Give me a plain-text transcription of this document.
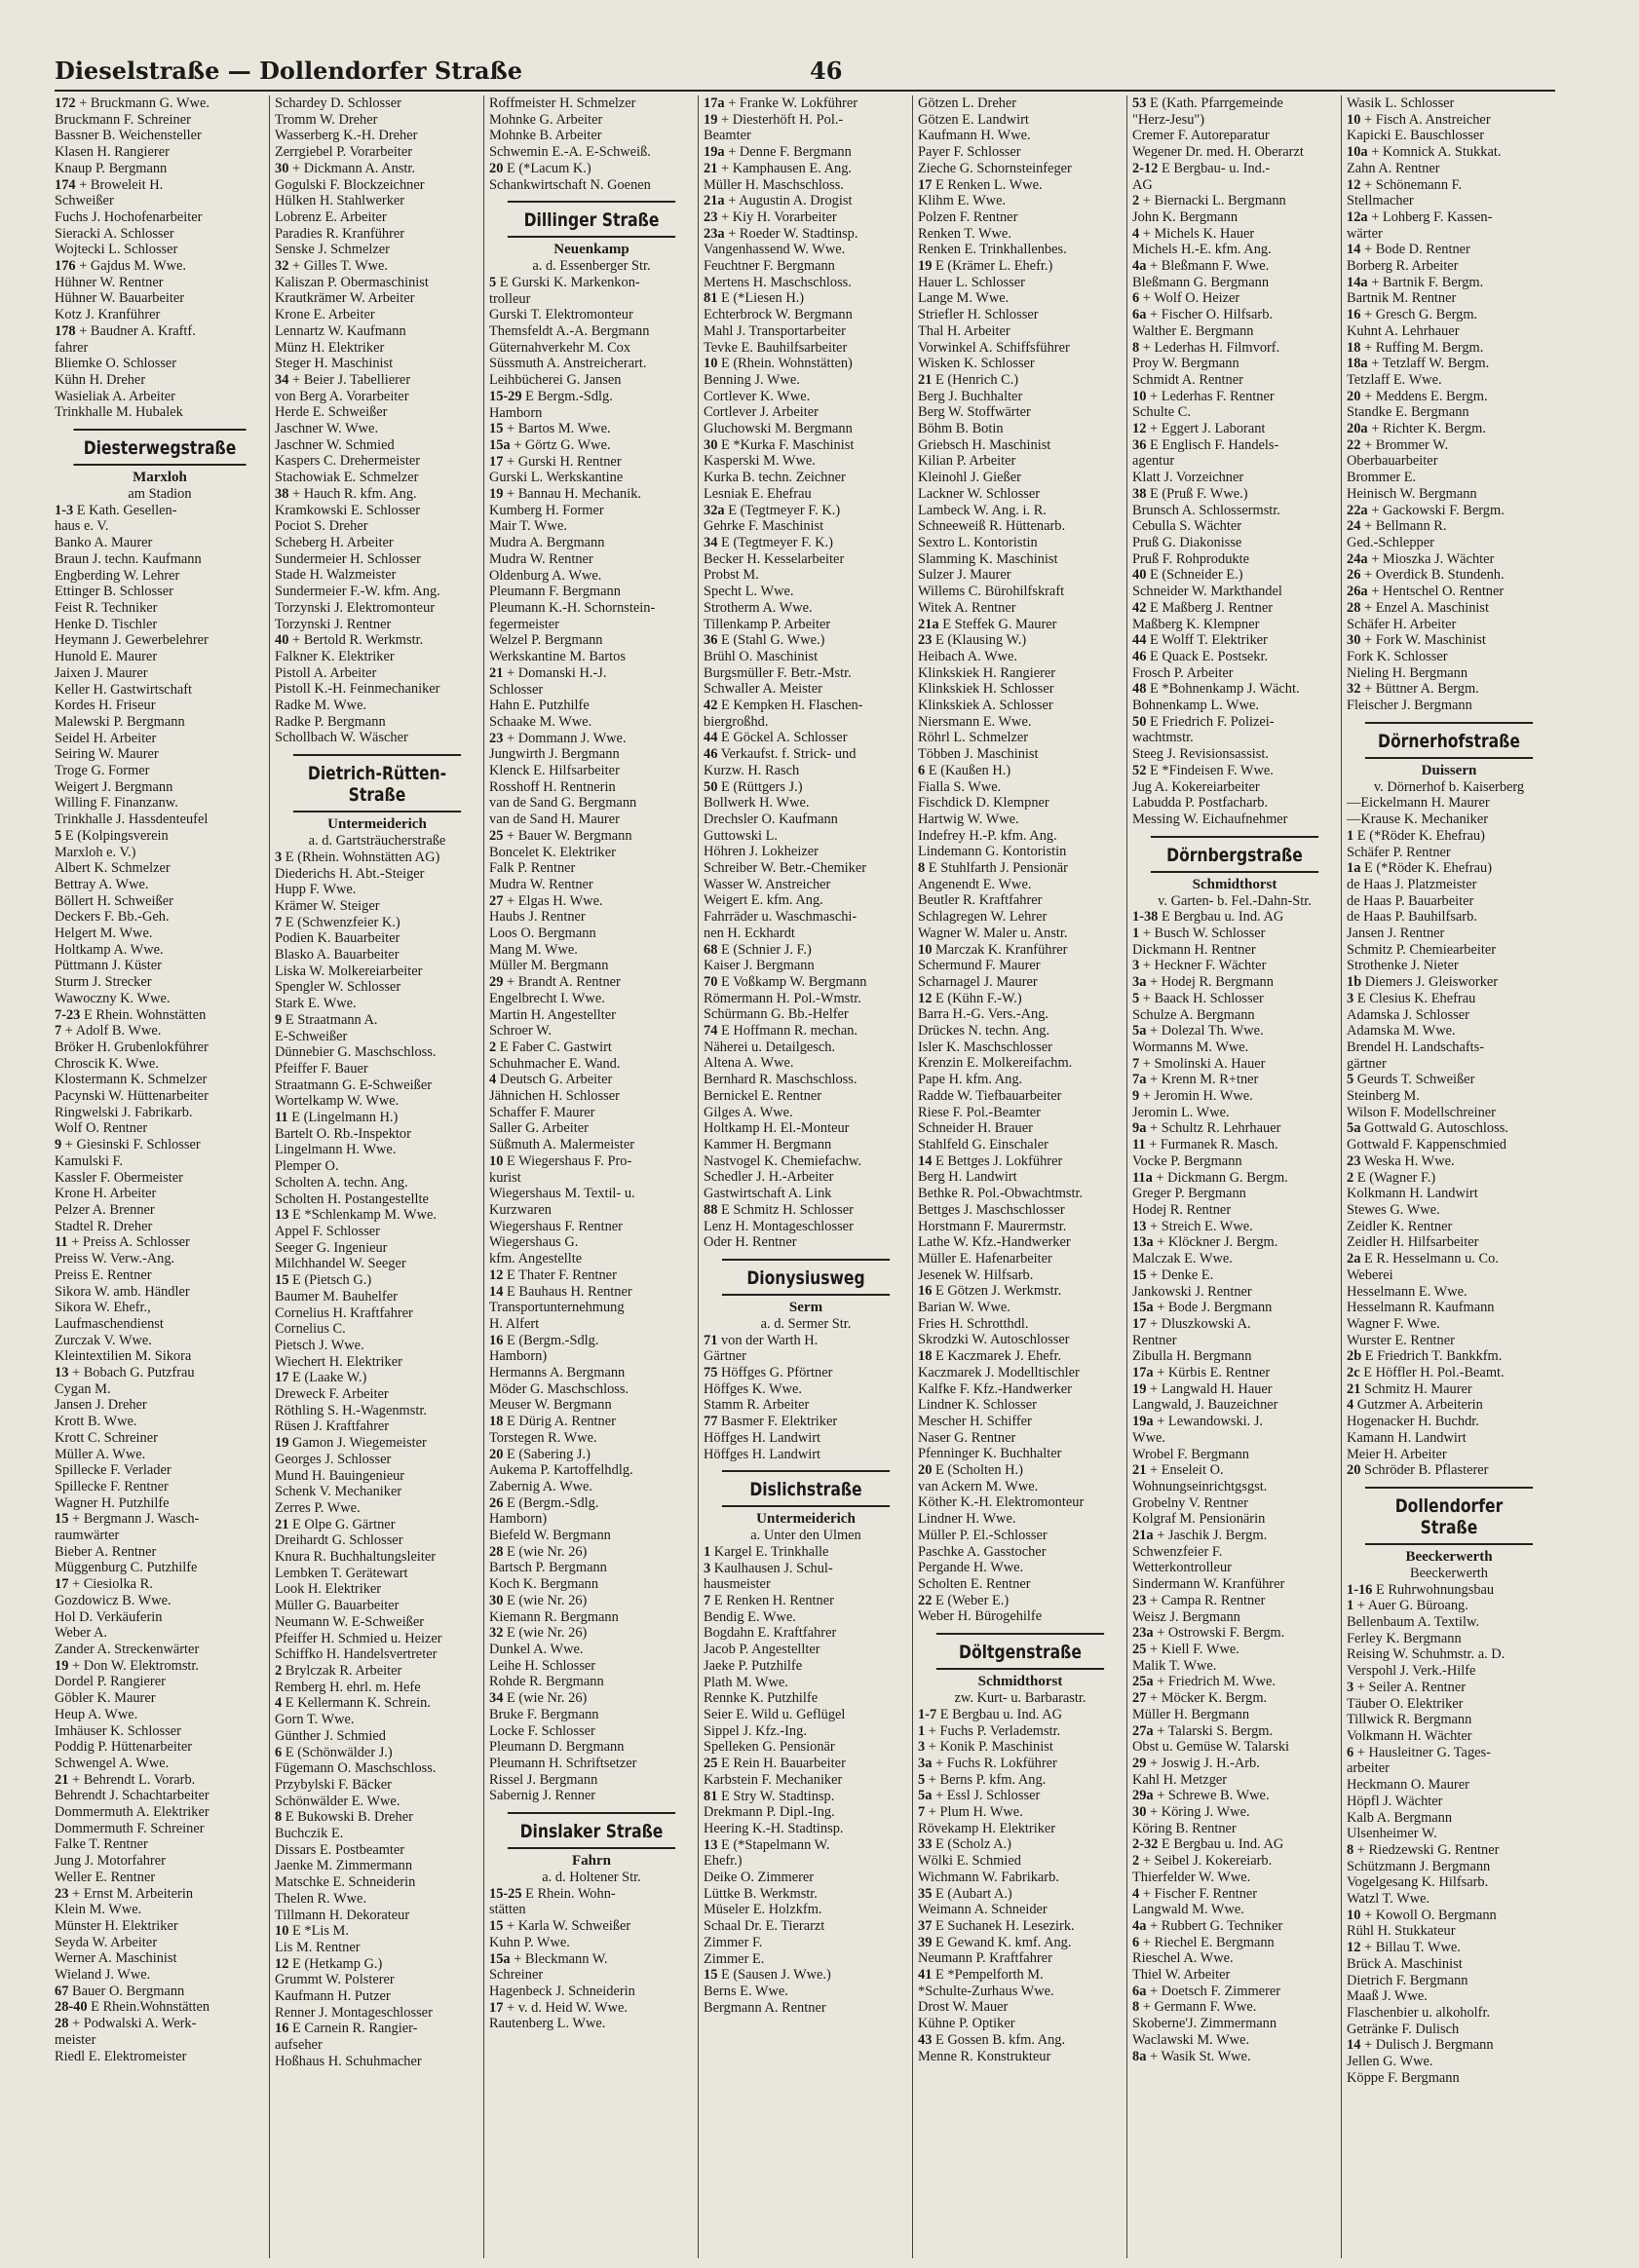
Dieselstraße — Dollendorfer Straße	46
172 + Bruckmann G. Wwe.
Bruckmann F. Schreiner
Bassner B. Weichensteller
Klasen H. Rangierer
Knaup P. Bergmann
174 + Broweleit H.
Schweißer
Fuchs J. Hochofenarbeiter
Sieracki A. Schlosser
Wojtecki L. Schlosser
176 + Gajdus M. Wwe.
Hühner W. Rentner
Hühner W. Bauarbeiter
Kotz J. Kranführer
178 + Baudner A. Kraftf.
fahrer
Bliemke O. Schlosser
Kühn H. Dreher
Wasieliak A. Arbeiter
Trinkhalle M. Hubalek
Diesterwegstraße
Marxloh
am Stadion
1-3 E Kath. Gesellen-
haus e. V.
Banko A. Maurer
Braun J. techn. Kaufmann
Engberding W. Lehrer
Ettinger B. Schlosser
Feist R. Techniker
Henke D. Tischler
Heymann J. Gewerbelehrer
Hunold E. Maurer
Jaixen J. Maurer
Keller H. Gastwirtschaft
Kordes H. Friseur
Malewski P. Bergmann
Seidel H. Arbeiter
Seiring W. Maurer
Troge G. Former
Weigert J. Bergmann
Willing F. Finanzanw.
Trinkhalle J. Hassdenteufel
5 E (Kolpingsverein
Marxloh e. V.)
Albert K. Schmelzer
Bettray A. Wwe.
Böllert H. Schweißer
Deckers F. Bb.-Geh.
Helgert M. Wwe.
Holtkamp A. Wwe.
Püttmann J. Küster
Sturm J. Strecker
Wawoczny K. Wwe.
7-23 E Rhein. Wohnstätten
7 + Adolf B. Wwe.
Bröker H. Grubenlokführer
Chroscik K. Wwe.
Klostermann K. Schmelzer
Pacynski W. Hüttenarbeiter
Ringwelski J. Fabrikarb.
Wolf O. Rentner
9 + Giesinski F. Schlosser
Kamulski F.
Kassler F. Obermeister
Krone H. Arbeiter
Pelzer A. Brenner
Stadtel R. Dreher
11 + Preiss A. Schlosser
Preiss W. Verw.-Ang.
Preiss E. Rentner
Sikora W. amb. Händler
Sikora W. Ehefr.,
Laufmaschendienst
Zurczak V. Wwe.
Kleintextilien M. Sikora
13 + Bobach G. Putzfrau
Cygan M.
Jansen J. Dreher
Krott B. Wwe.
Krott C. Schreiner
Müller A. Wwe.
Spillecke F. Verlader
Spillecke F. Rentner
Wagner H. Putzhilfe
15 + Bergmann J. Wasch-
raumwärter
Bieber A. Rentner
Müggenburg C. Putzhilfe
17 + Ciesiolka R.
Gozdowicz B. Wwe.
Hol D. Verkäuferin
Weber A.
Zander A. Streckenwärter
19 + Don W. Elektromstr.
Dordel P. Rangierer
Göbler K. Maurer
Heup A. Wwe.
Imhäuser K. Schlosser
Poddig P. Hüttenarbeiter
Schwengel A. Wwe.
21 + Behrendt L. Vorarb.
Behrendt J. Schachtarbeiter
Dommermuth A. Elektriker
Dommermuth F. Schreiner
Falke T. Rentner
Jung J. Motorfahrer
Weller E. Rentner
23 + Ernst M. Arbeiterin
Klein M. Wwe.
Münster H. Elektriker
Seyda W. Arbeiter
Werner A. Maschinist
Wieland J. Wwe.
67 Bauer O. Bergmann
28-40 E Rhein.Wohnstätten
28 + Podwalski A. Werk-
meister
Riedl E. Elektromeister
Schardey D. Schlosser
Tromm W. Dreher
Wasserberg K.-H. Dreher
Zerrgiebel P. Vorarbeiter
30 + Dickmann A. Anstr.
Gogulski F. Blockzeichner
Hülken H. Stahlwerker
Lobrenz E. Arbeiter
Paradies R. Kranführer
Senske J. Schmelzer
32 + Gilles T. Wwe.
Kaliszan P. Obermaschinist
Krautkrämer W. Arbeiter
Krone E. Arbeiter
Lennartz W. Kaufmann
Münz H. Elektriker
Steger H. Maschinist
34 + Beier J. Tabellierer
von Berg A. Vorarbeiter
Herde E. Schweißer
Jaschner W. Wwe.
Jaschner W. Schmied
Kaspers C. Drehermeister
Stachowiak E. Schmelzer
38 + Hauch R. kfm. Ang.
Kramkowski E. Schlosser
Pociot S. Dreher
Scheberg H. Arbeiter
Sundermeier H. Schlosser
Stade H. Walzmeister
Sundermeier F.-W. kfm. Ang.
Torzynski J. Elektromonteur
Torzynski J. Rentner
40 + Bertold R. Werkmstr.
Falkner K. Elektriker
Pistoll A. Arbeiter
Pistoll K.-H. Feinmechaniker
Radke M. Wwe.
Radke P. Bergmann
Schollbach W. Wäscher
Dietrich-Rütten-Straße
Untermeiderich
a. d. Gartsträucherstraße
3 E (Rhein. Wohnstätten AG)
Diederichs H. Abt.-Steiger
Hupp F. Wwe.
Krämer W. Steiger
7 E (Schwenzfeier K.)
Podien K. Bauarbeiter
Blasko A. Bauarbeiter
Liska W. Molkereiarbeiter
Spengler W. Schlosser
Stark E. Wwe.
9 E Straatmann A.
E-Schweißer
Dünnebier G. Maschschloss.
Pfeiffer F. Bauer
Straatmann G. E-Schweißer
Wortelkamp W. Wwe.
11 E (Lingelmann H.)
Bartelt O. Rb.-Inspektor
Lingelmann H. Wwe.
Plemper O.
Scholten A. techn. Ang.
Scholten H. Postangestellte
13 E *Schlenkamp M. Wwe.
Appel F. Schlosser
Seeger G. Ingenieur
Milchhandel W. Seeger
15 E (Pietsch G.)
Baumer M. Bauhelfer
Cornelius H. Kraftfahrer
Cornelius C.
Pietsch J. Wwe.
Wiechert H. Elektriker
17 E (Laake W.)
Dreweck F. Arbeiter
Röthling S. H.-Wagenmstr.
Rüsen J. Kraftfahrer
19 Gamon J. Wiegemeister
Georges J. Schlosser
Mund H. Bauingenieur
Schenk V. Mechaniker
Zerres P. Wwe.
21 E Olpe G. Gärtner
Dreihardt G. Schlosser
Knura R. Buchhaltungsleiter
Lembken T. Gerätewart
Look H. Elektriker
Müller G. Bauarbeiter
Neumann W. E-Schweißer
Pfeiffer H. Schmied u. Heizer
Schiffko H. Handelsvertreter
2 Brylczak R. Arbeiter
Remberg H. ehrl. m. Hefe
4 E Kellermann K. Schrein.
Gorn T. Wwe.
Günther J. Schmied
6 E (Schönwälder J.)
Fügemann O. Maschschloss.
Przybylski F. Bäcker
Schönwälder E. Wwe.
8 E Bukowski B. Dreher
Buchczik E.
Dissars E. Postbeamter
Jaenke M. Zimmermann
Matschke E. Schneiderin
Thelen R. Wwe.
Tillmann H. Dekorateur
10 E *Lis M.
Lis M. Rentner
12 E (Hetkamp G.)
Grummt W. Polsterer
Kaufmann H. Putzer
Renner J. Montageschlosser
16 E Carnein R. Rangier-
aufseher
Hoßhaus H. Schuhmacher
Roffmeister H. Schmelzer
Mohnke G. Arbeiter
Mohnke B. Arbeiter
Schwemin E.-A. E-Schweiß.
20 E (*Lacum K.)
Schankwirtschaft N. Goenen
Dillinger Straße
Neuenkamp
a. d. Essenberger Str.
5 E Gurski K. Markenkon-
trolleur
Gurski T. Elektromonteur
Themsfeldt A.-A. Bergmann
Güternahverkehr M. Cox
Süssmuth A. Anstreicherart.
Leihbücherei G. Jansen
15-29 E Bergm.-Sdlg.
Hamborn
15 + Bartos M. Wwe.
15a + Görtz G. Wwe.
17 + Gurski H. Rentner
Gurski L. Werkskantine
19 + Bannau H. Mechanik.
Kumberg H. Former
Mair T. Wwe.
Mudra A. Bergmann
Mudra W. Rentner
Oldenburg A. Wwe.
Pleumann F. Bergmann
Pleumann K.-H. Schornstein-
fegermeister
Welzel P. Bergmann
Werkskantine M. Bartos
21 + Domanski H.-J.
Schlosser
Hahn E. Putzhilfe
Schaake M. Wwe.
23 + Dommann J. Wwe.
Jungwirth J. Bergmann
Klenck E. Hilfsarbeiter
Rosshoff H. Rentnerin
van de Sand G. Bergmann
van de Sand H. Maurer
25 + Bauer W. Bergmann
Boncelet K. Elektriker
Falk P. Rentner
Mudra W. Rentner
27 + Elgas H. Wwe.
Haubs J. Rentner
Loos O. Bergmann
Mang M. Wwe.
Müller M. Bergmann
29 + Brandt A. Rentner
Engelbrecht I. Wwe.
Martin H. Angestellter
Schroer W.
2 E Faber C. Gastwirt
Schuhmacher E. Wand.
4 Deutsch G. Arbeiter
Jähnichen H. Schlosser
Schaffer F. Maurer
Saller G. Arbeiter
Süßmuth A. Malermeister
10 E Wiegershaus F. Pro-
kurist
Wiegershaus M. Textil- u.
Kurzwaren
Wiegershaus F. Rentner
Wiegershaus G.
kfm. Angestellte
12 E Thater F. Rentner
14 E Bauhaus H. Rentner
Transportunternehmung
H. Alfert
16 E (Bergm.-Sdlg.
Hamborn)
Hermanns A. Bergmann
Möder G. Maschschloss.
Meuser W. Bergmann
18 E Dürig A. Rentner
Torstegen R. Wwe.
20 E (Sabering J.)
Aukema P. Kartoffelhdlg.
Zabernig A. Wwe.
26 E (Bergm.-Sdlg.
Hamborn)
Biefeld W. Bergmann
28 E (wie Nr. 26)
Bartsch P. Bergmann
Koch K. Bergmann
30 E (wie Nr. 26)
Kiemann R. Bergmann
32 E (wie Nr. 26)
Dunkel A. Wwe.
Leihe H. Schlosser
Rohde R. Bergmann
34 E (wie Nr. 26)
Bruke F. Bergmann
Locke F. Schlosser
Pleumann D. Bergmann
Pleumann H. Schriftsetzer
Rissel J. Bergmann
Sabernig J. Renner
Dinslaker Straße
Fahrn
a. d. Holtener Str.
15-25 E Rhein. Wohn-
stätten
15 + Karla W. Schweißer
Kuhn P. Wwe.
15a + Bleckmann W.
Schreiner
Hagenbeck J. Schneiderin
17 + v. d. Heid W. Wwe.
Rautenberg L. Wwe.
17a + Franke W. Lokführer
19 + Diesterhöft H. Pol.-
Beamter
19a + Denne F. Bergmann
21 + Kamphausen E. Ang.
Müller H. Maschschloss.
21a + Augustin A. Drogist
23 + Kiy H. Vorarbeiter
23a + Roeder W. Stadtinsp.
Vangenhassend W. Wwe.
Feuchtner F. Bergmann
Mertens H. Maschschloss.
81 E (*Liesen H.)
Echterbrock W. Bergmann
Mahl J. Transportarbeiter
Tevke E. Bauhilfsarbeiter
10 E (Rhein. Wohnstätten)
Benning J. Wwe.
Cortlever K. Wwe.
Cortlever J. Arbeiter
Gluchowski M. Bergmann
30 E *Kurka F. Maschinist
Kasperski M. Wwe.
Kurka B. techn. Zeichner
Lesniak E. Ehefrau
32a E (Tegtmeyer F. K.)
Gehrke F. Maschinist
34 E (Tegtmeyer F. K.)
Becker H. Kesselarbeiter
Probst M.
Specht L. Wwe.
Strotherm A. Wwe.
Tillenkamp P. Arbeiter
36 E (Stahl G. Wwe.)
Brühl O. Maschinist
Burgsmüller F. Betr.-Mstr.
Schwaller A. Meister
42 E Kempken H. Flaschen-
biergroßhd.
44 E Göckel A. Schlosser
46 Verkaufst. f. Strick- und
Kurzw. H. Rasch
50 E (Rüttgers J.)
Bollwerk H. Wwe.
Drechsler O. Kaufmann
Guttowski L.
Höhren J. Lokheizer
Schreiber W. Betr.-Chemiker
Wasser W. Anstreicher
Weigert E. kfm. Ang.
Fahrräder u. Waschmaschi-
nen H. Eckhardt
68 E (Schnier J. F.)
Kaiser J. Bergmann
70 E Voßkamp W. Bergmann
Römermann H. Pol.-Wmstr.
Schürmann G. Bb.-Helfer
74 E Hoffmann R. mechan.
Näherei u. Detailgesch.
Altena A. Wwe.
Bernhard R. Maschschloss.
Bernickel E. Rentner
Gilges A. Wwe.
Holtkamp H. El.-Monteur
Kammer H. Bergmann
Nastvogel K. Chemiefachw.
Schedler J. H.-Arbeiter
Gastwirtschaft A. Link
88 E Schmitz H. Schlosser
Lenz H. Montageschlosser
Oder H. Rentner
Dionysiusweg
Serm
a. d. Sermer Str.
71 von der Warth H.
Gärtner
75 Höffges G. Pförtner
Höffges K. Wwe.
Stamm R. Arbeiter
77 Basmer F. Elektriker
Höffges H. Landwirt
Höffges H. Landwirt
Dislichstraße
Untermeiderich
a. Unter den Ulmen
1 Kargel E. Trinkhalle
3 Kaulhausen J. Schul-
hausmeister
7 E Renken H. Rentner
Bendig E. Wwe.
Bogdahn E. Kraftfahrer
Jacob P. Angestellter
Jaeke P. Putzhilfe
Plath M. Wwe.
Rennke K. Putzhilfe
Seier E. Wild u. Geflügel
Sippel J. Kfz.-Ing.
Spelleken G. Pensionär
25 E Rein H. Bauarbeiter
Karbstein F. Mechaniker
81 E Stry W. Stadtinsp.
Drekmann P. Dipl.-Ing.
Heering K.-H. Stadtinsp.
13 E (*Stapelmann W.
Ehefr.)
Deike O. Zimmerer
Lüttke B. Werkmstr.
Müseler E. Holzkfm.
Schaal Dr. E. Tierarzt
Zimmer F.
Zimmer E.
15 E (Sausen J. Wwe.)
Berns E. Wwe.
Bergmann A. Rentner
Götzen L. Dreher
Götzen E. Landwirt
Kaufmann H. Wwe.
Payer F. Schlosser
Zieche G. Schornsteinfeger
17 E Renken L. Wwe.
Klihm E. Wwe.
Polzen F. Rentner
Renken T. Wwe.
Renken E. Trinkhallenbes.
19 E (Krämer L. Ehefr.)
Hauer L. Schlosser
Lange M. Wwe.
Striefler H. Schlosser
Thal H. Arbeiter
Vorwinkel A. Schiffsführer
Wisken K. Schlosser
21 E (Henrich C.)
Berg J. Buchhalter
Berg W. Stoffwärter
Böhm B. Botin
Griebsch H. Maschinist
Kilian P. Arbeiter
Kleinohl J. Gießer
Lackner W. Schlosser
Lambeck W. Ang. i. R.
Schneeweiß R. Hüttenarb.
Sextro L. Kontoristin
Slamming K. Maschinist
Sulzer J. Maurer
Willems C. Bürohilfskraft
Witek A. Rentner
21a E Steffek G. Maurer
23 E (Klausing W.)
Heibach A. Wwe.
Klinkskiek H. Rangierer
Klinkskiek H. Schlosser
Klinkskiek A. Schlosser
Niersmann E. Wwe.
Röhrl L. Schmelzer
Többen J. Maschinist
6 E (Kaußen H.)
Fialla S. Wwe.
Fischdick D. Klempner
Hartwig W. Wwe.
Indefrey H.-P. kfm. Ang.
Lindemann G. Kontoristin
8 E Stuhlfarth J. Pensionär
Angenendt E. Wwe.
Beutler R. Kraftfahrer
Schlagregen W. Lehrer
Wagner W. Maler u. Anstr.
10 Marczak K. Kranführer
Schermund F. Maurer
Scharnagel J. Maurer
12 E (Kühn F.-W.)
Barra H.-G. Vers.-Ang.
Drückes N. techn. Ang.
Isler K. Maschschlosser
Krenzin E. Molkereifachm.
Pape H. kfm. Ang.
Radde W. Tiefbauarbeiter
Riese F. Pol.-Beamter
Schneider H. Brauer
Stahlfeld G. Einschaler
14 E Bettges J. Lokführer
Berg H. Landwirt
Bethke R. Pol.-Obwachtmstr.
Bettges J. Maschschlosser
Horstmann F. Maurermstr.
Lathe W. Kfz.-Handwerker
Müller E. Hafenarbeiter
Jesenek W. Hilfsarb.
16 E Götzen J. Werkmstr.
Barian W. Wwe.
Fries H. Schrotthdl.
Skrodzki W. Autoschlosser
18 E Kaczmarek J. Ehefr.
Kaczmarek J. Modelltischler
Kalfke F. Kfz.-Handwerker
Lindner K. Schlosser
Mescher H. Schiffer
Naser G. Rentner
Pfenninger K. Buchhalter
20 E (Scholten H.)
van Ackern M. Wwe.
Köther K.-H. Elektromonteur
Lindner H. Wwe.
Müller P. El.-Schlosser
Paschke A. Gasstocher
Pergande H. Wwe.
Scholten E. Rentner
22 E (Weber E.)
Weber H. Bürogehilfe
Döltgenstraße
Schmidthorst
zw. Kurt- u. Barbarastr.
1-7 E Bergbau u. Ind. AG
1 + Fuchs P. Verlademstr.
3 + Konik P. Maschinist
3a + Fuchs R. Lokführer
5 + Berns P. kfm. Ang.
5a + Essl J. Schlosser
7 + Plum H. Wwe.
Rövekamp H. Elektriker
33 E (Scholz A.)
Wölki E. Schmied
Wichmann W. Fabrikarb.
35 E (Aubart A.)
Weimann A. Schneider
37 E Suchanek H. Lesezirk.
39 E Gewand K. kmf. Ang.
Neumann P. Kraftfahrer
41 E *Pempelforth M.
*Schulte-Zurhaus Wwe.
Drost W. Mauer
Kühne P. Optiker
43 E Gossen B. kfm. Ang.
Menne R. Konstrukteur
53 E (Kath. Pfarrgemeinde
"Herz-Jesu")
Cremer F. Autoreparatur
Wegener Dr. med. H. Oberarzt
2-12 E Bergbau- u. Ind.-
AG
2 + Biernacki L. Bergmann
John K. Bergmann
4 + Michels K. Hauer
Michels H.-E. kfm. Ang.
4a + Bleßmann F. Wwe.
Bleßmann G. Bergmann
6 + Wolf O. Heizer
6a + Fischer O. Hilfsarb.
Walther E. Bergmann
8 + Lederhas H. Filmvorf.
Proy W. Bergmann
Schmidt A. Rentner
10 + Lederhas F. Rentner
Schulte C.
12 + Eggert J. Laborant
36 E Englisch F. Handels-
agentur
Klatt J. Vorzeichner
38 E (Pruß F. Wwe.)
Brunsch A. Schlossermstr.
Cebulla S. Wächter
Pruß G. Diakonisse
Pruß F. Rohprodukte
40 E (Schneider E.)
Schneider W. Markthandel
42 E Maßberg J. Rentner
Maßberg K. Klempner
44 E Wolff T. Elektriker
46 E Quack E. Postsekr.
Frosch P. Arbeiter
48 E *Bohnenkamp J. Wächt.
Bohnenkamp L. Wwe.
50 E Friedrich F. Polizei-
wachtmstr.
Steeg J. Revisionsassist.
52 E *Findeisen F. Wwe.
Jug A. Kokereiarbeiter
Labudda P. Postfacharb.
Messing W. Eichaufnehmer
Dörnbergstraße
Schmidthorst
v. Garten- b. Fel.-Dahn-Str.
1-38 E Bergbau u. Ind. AG
1 + Busch W. Schlosser
Dickmann H. Rentner
3 + Heckner F. Wächter
3a + Hodej R. Bergmann
5 + Baack H. Schlosser
Schulze A. Bergmann
5a + Dolezal Th. Wwe.
Wormanns M. Wwe.
7 + Smolinski A. Hauer
7a + Krenn M. R+tner
9 + Jeromin H. Wwe.
Jeromin L. Wwe.
9a + Schultz R. Lehrhauer
11 + Furmanek R. Masch.
Vocke P. Bergmann
11a + Dickmann G. Bergm.
Greger P. Bergmann
Hodej R. Rentner
13 + Streich E. Wwe.
13a + Klöckner J. Bergm.
Malczak E. Wwe.
15 + Denke E.
Jankowski J. Rentner
15a + Bode J. Bergmann
17 + Dluszkowski A.
Rentner
Zibulla H. Bergmann
17a + Kürbis E. Rentner
19 + Langwald H. Hauer
Langwald, J. Bauzeichner
19a + Lewandowski. J.
Wwe.
Wrobel F. Bergmann
21 + Enseleit O.
Wohnungseinrichtgsgst.
Grobelny V. Rentner
Kolgraf M. Pensionärin
21a + Jaschik J. Bergm.
Schwenzfeier F.
Wetterkontrolleur
Sindermann W. Kranführer
23 + Campa R. Rentner
Weisz J. Bergmann
23a + Ostrowski F. Bergm.
25 + Kiell F. Wwe.
Malik T. Wwe.
25a + Friedrich M. Wwe.
27 + Möcker K. Bergm.
Müller H. Bergmann
27a + Talarski S. Bergm.
Obst u. Gemüse W. Talarski
29 + Joswig J. H.-Arb.
Kahl H. Metzger
29a + Schrewe B. Wwe.
30 + Köring J. Wwe.
Köring B. Rentner
2-32 E Bergbau u. Ind. AG
2 + Seibel J. Kokereiarb.
Thierfelder W. Wwe.
4 + Fischer F. Rentner
Langwald M. Wwe.
4a + Rubbert G. Techniker
6 + Riechel E. Bergmann
Rieschel A. Wwe.
Thiel W. Arbeiter
6a + Doetsch F. Zimmerer
8 + Germann F. Wwe.
Skoberne'J. Zimmermann
Waclawski M. Wwe.
8a + Wasik St. Wwe.
Wasik L. Schlosser
10 + Fisch A. Anstreicher
Kapicki E. Bauschlosser
10a + Komnick A. Stukkat.
Zahn A. Rentner
12 + Schönemann F.
Stellmacher
12a + Lohberg F. Kassen-
wärter
14 + Bode D. Rentner
Borberg R. Arbeiter
14a + Bartnik F. Bergm.
Bartnik M. Rentner
16 + Gresch G. Bergm.
Kuhnt A. Lehrhauer
18 + Ruffing M. Bergm.
18a + Tetzlaff W. Bergm.
Tetzlaff E. Wwe.
20 + Meddens E. Bergm.
Standke E. Bergmann
20a + Richter K. Bergm.
22 + Brommer W.
Oberbauarbeiter
Brommer E.
Heinisch W. Bergmann
22a + Gackowski F. Bergm.
24 + Bellmann R.
Ged.-Schlepper
24a + Mioszka J. Wächter
26 + Overdick B. Stundenh.
26a + Hentschel O. Rentner
28 + Enzel A. Maschinist
Schäfer H. Arbeiter
30 + Fork W. Maschinist
Fork K. Schlosser
Nieling H. Bergmann
32 + Büttner A. Bergm.
Fleischer J. Bergmann
Dörnerhofstraße
Duissern
v. Dörnerhof b. Kaiserberg
—Eickelmann H. Maurer
—Krause K. Mechaniker
1 E (*Röder K. Ehefrau)
Schäfer P. Rentner
1a E (*Röder K. Ehefrau)
de Haas J. Platzmeister
de Haas P. Bauarbeiter
de Haas P. Bauhilfsarb.
Jansen J. Rentner
Schmitz P. Chemiearbeiter
Strothenke J. Nieter
1b Diemers J. Gleisworker
3 E Clesius K. Ehefrau
Adamska J. Schlosser
Adamska M. Wwe.
Brendel H. Landschafts-
gärtner
5 Geurds T. Schweißer
Steinberg M.
Wilson F. Modellschreiner
5a Gottwald G. Autoschloss.
Gottwald F. Kappenschmied
23 Weska H. Wwe.
2 E (Wagner F.)
Kolkmann H. Landwirt
Stewes G. Wwe.
Zeidler K. Rentner
Zeidler H. Hilfsarbeiter
2a E R. Hesselmann u. Co.
Weberei
Hesselmann E. Wwe.
Hesselmann R. Kaufmann
Wagner F. Wwe.
Wurster E. Rentner
2b E Friedrich T. Bankkfm.
2c E Höffler H. Pol.-Beamt.
21 Schmitz H. Maurer
4 Gutzmer A. Arbeiterin
Hogenacker H. Buchdr.
Kamann H. Landwirt
Meier H. Arbeiter
20 Schröder B. Pflasterer
Dollendorfer Straße
Beeckerwerth
Beeckerwerth
1-16 E Ruhrwohnungsbau
1 + Auer G. Büroang.
Bellenbaum A. Textilw.
Ferley K. Bergmann
Reising W. Schuhmstr. a. D.
Verspohl J. Verk.-Hilfe
3 + Seiler A. Rentner
Täuber O. Elektriker
Tillwick R. Bergmann
Volkmann H. Wächter
6 + Hausleitner G. Tages-
arbeiter
Heckmann O. Maurer
Höpfl J. Wächter
Kalb A. Bergmann
Ulsenheimer W.
8 + Riedzewski G. Rentner
Schützmann J. Bergmann
Vogelgesang K. Hilfsarb.
Watzl T. Wwe.
10 + Kowoll O. Bergmann
Rühl H. Stukkateur
12 + Billau T. Wwe.
Brück A. Maschinist
Dietrich F. Bergmann
Maaß J. Wwe.
Flaschenbier u. alkoholfr.
Getränke F. Dulisch
14 + Dulisch J. Bergmann
Jellen G. Wwe.
Köppe F. Bergmann
